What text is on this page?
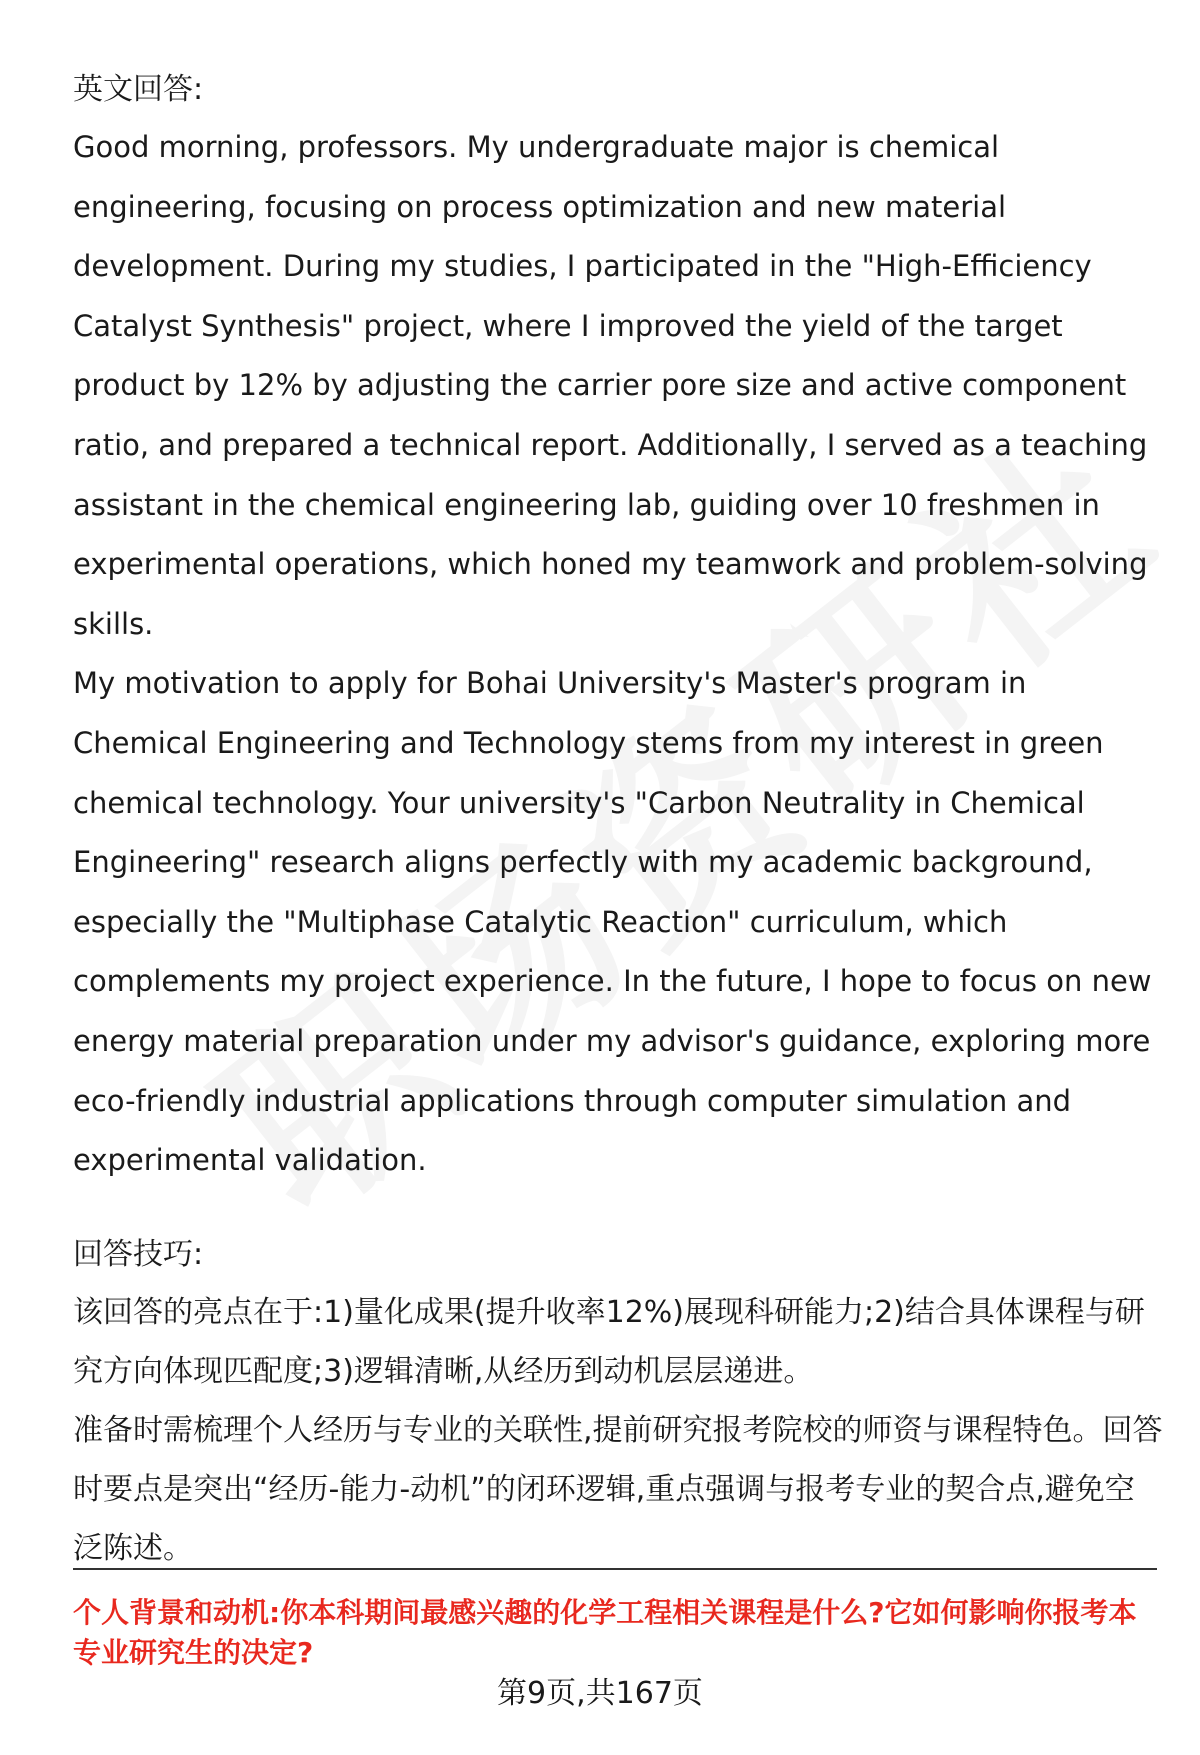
英文回答:

Good morning, professors. My undergraduate major is chemical engineering, focusing on process optimization and new material development. During my studies, I participated in the "High-Efficiency Catalyst Synthesis" project, where I improved the yield of the target product by 12% by adjusting the carrier pore size and active component ratio, and prepared a technical report. Additionally, I served as a teaching assistant in the chemical engineering lab, guiding over 10 freshmen in experimental operations, which honed my teamwork and problem-solving skills.

My motivation to apply for Bohai University's Master's program in Chemical Engineering and Technology stems from my interest in green chemical technology. Your university's "Carbon Neutrality in Chemical Engineering" research aligns perfectly with my academic background, especially the "Multiphase Catalytic Reaction" curriculum, which complements my project experience. In the future, I hope to focus on new energy material preparation under my advisor's guidance, exploring more eco-friendly industrial applications through computer simulation and experimental validation.

回答技巧:

该回答的亮点在于:1)量化成果(提升收率12%)展现科研能力;2)结合具体课程与研究方向体现匹配度;3)逻辑清晰,从经历到动机层层递进。

准备时需梳理个人经历与专业的关联性,提前研究报考院校的师资与课程特色。回答时要点是突出“经历-能力-动机”的闭环逻辑,重点强调与报考专业的契合点,避免空泛陈述。

个人背景和动机:你本科期间最感兴趣的化学工程相关课程是什么?它如何影响你报考本专业研究生的决定?
第9页,共167页
